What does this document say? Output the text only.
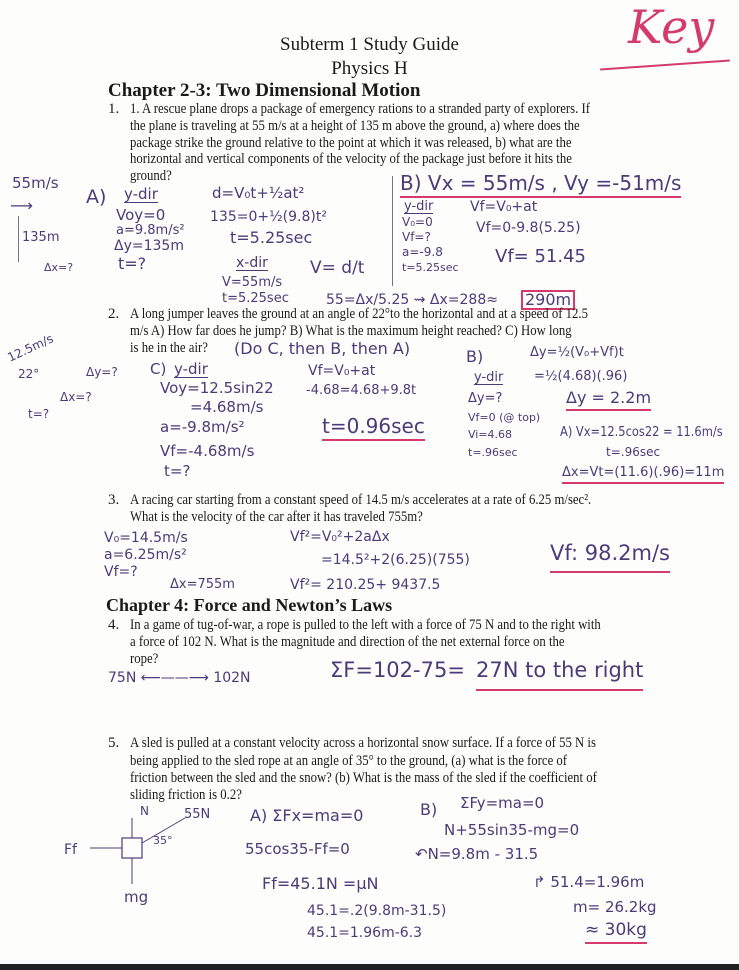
Key
Subterm 1 Study Guide
Physics H
Chapter 2-3: Two Dimensional Motion
1. 1. A rescue plane drops a package of emergency rations to a stranded party of explorers. If
the plane is traveling at 55 m/s at a height of 135 m above the ground, a) where does the
package strike the ground relative to the point at which it was released, b) what are the
horizontal and vertical components of the velocity of the package just before it hits the
ground?
55m/s
⟶
135m
Δx=?
A) y-dir
Voy=0
a=9.8m/s²
Δy=135m
t=?
d=V₀t+½at²
135=0+½(9.8)t²
t=5.25sec
x-dir
V=55m/s
t=5.25sec
V= d/t
55=Δx/5.25 ⇝ Δx=288≈ 290m
B) Vx = 55m/s , Vy =-51m/s
y-dir
V₀=0
Vf=?
a=-9.8
t=5.25sec
Vf=V₀+at
Vf=0-9.8(5.25)
Vf= 51.45
2. A long jumper leaves the ground at an angle of 22°to the horizontal and at a speed of 12.5
m/s A) How far does he jump? B) What is the maximum height reached? C) How long
is he in the air? (Do C, then B, then A)
12.5m/s
22°	Δy=?
Δx=?
t=?
C) y-dir
Voy=12.5sin22
=4.68m/s
a=-9.8m/s²
Vf=-4.68m/s
t=?
Vf=V₀+at
-4.68=4.68+9.8t
t=0.96sec
B)	Δy=½(V₀+Vf)t
=½(4.68)(.96)
Δy = 2.2m
y-dir
Δy=?
Vf=0 (@ top)
Vi=4.68
t=.96sec
A) Vx=12.5cos22 = 11.6m/s
t=.96sec
Δx=Vt=(11.6)(.96)=11m
3. A racing car starting from a constant speed of 14.5 m/s accelerates at a rate of 6.25 m/sec².
What is the velocity of the car after it has traveled 755m?
V₀=14.5m/s
a=6.25m/s²
Vf=?
Δx=755m
Vf²=V₀²+2aΔx
=14.5²+2(6.25)(755)
Vf²= 210.25+ 9437.5
Vf: 98.2m/s
Chapter 4: Force and Newton’s Laws
4. In a game of tug-of-war, a rope is pulled to the left with a force of 75 N and to the right with
a force of 102 N. What is the magnitude and direction of the net external force on the
rope?
75N ⟵——⟶ 102N	ΣF=102-75= 27N to the right
5. A sled is pulled at a constant velocity across a horizontal snow surface. If a force of 55 N is
being applied to the sled rope at an angle of 35° to the ground, (a) what is the force of
friction between the sled and the snow? (b) What is the mass of the sled if the coefficient of
sliding friction is 0.2?
N	55N
35°
Ff
mg
A) ΣFx=ma=0
55cos35-Ff=0
Ff=45.1N =μN
45.1=.2(9.8m-31.5)
45.1=1.96m-6.3
B) ΣFy=ma=0
N+55sin35-mg=0
↶N=9.8m - 31.5
↱ 51.4=1.96m
m= 26.2kg
≈ 30kg
